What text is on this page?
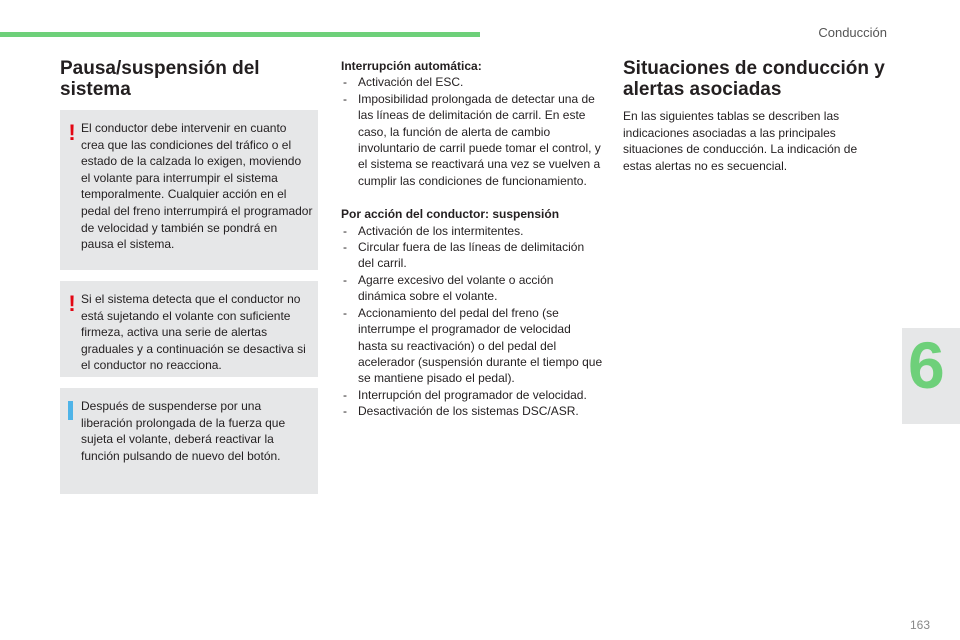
Conducción
6
Pausa/suspensión del sistema
! El conductor debe intervenir en cuanto crea que las condiciones del tráfico o el estado de la calzada lo exigen, moviendo el volante para interrumpir el sistema temporalmente. Cualquier acción en el pedal del freno interrumpirá el programador de velocidad y también se pondrá en pausa el sistema.

! Si el sistema detecta que el conductor no está sujetando el volante con suficiente firmeza, activa una serie de alertas graduales y a continuación se desactiva si el conductor no reacciona.

Después de suspenderse por una liberación prolongada de la fuerza que sujeta el volante, deberá reactivar la función pulsando de nuevo del botón.

Interrupción automática:
- Activación del ESC.
- Imposibilidad prolongada de detectar una de las líneas de delimitación de carril. En este caso, la función de alerta de cambio involuntario de carril puede tomar el control, y el sistema se reactivará una vez se vuelven a cumplir las condiciones de funcionamiento.
Por acción del conductor: suspensión
- Activación de los intermitentes.
- Circular fuera de las líneas de delimitación del carril.
- Agarre excesivo del volante o acción dinámica sobre el volante.
- Accionamiento del pedal del freno (se interrumpe el programador de velocidad hasta su reactivación) o del pedal del acelerador (suspensión durante el tiempo que se mantiene pisado el pedal).
- Interrupción del programador de velocidad.
- Desactivación de los sistemas DSC/ASR.
Situaciones de conducción y alertas asociadas

En las siguientes tablas se describen las indicaciones asociadas a las principales situaciones de conducción. La indicación de estas alertas no es secuencial.

163
